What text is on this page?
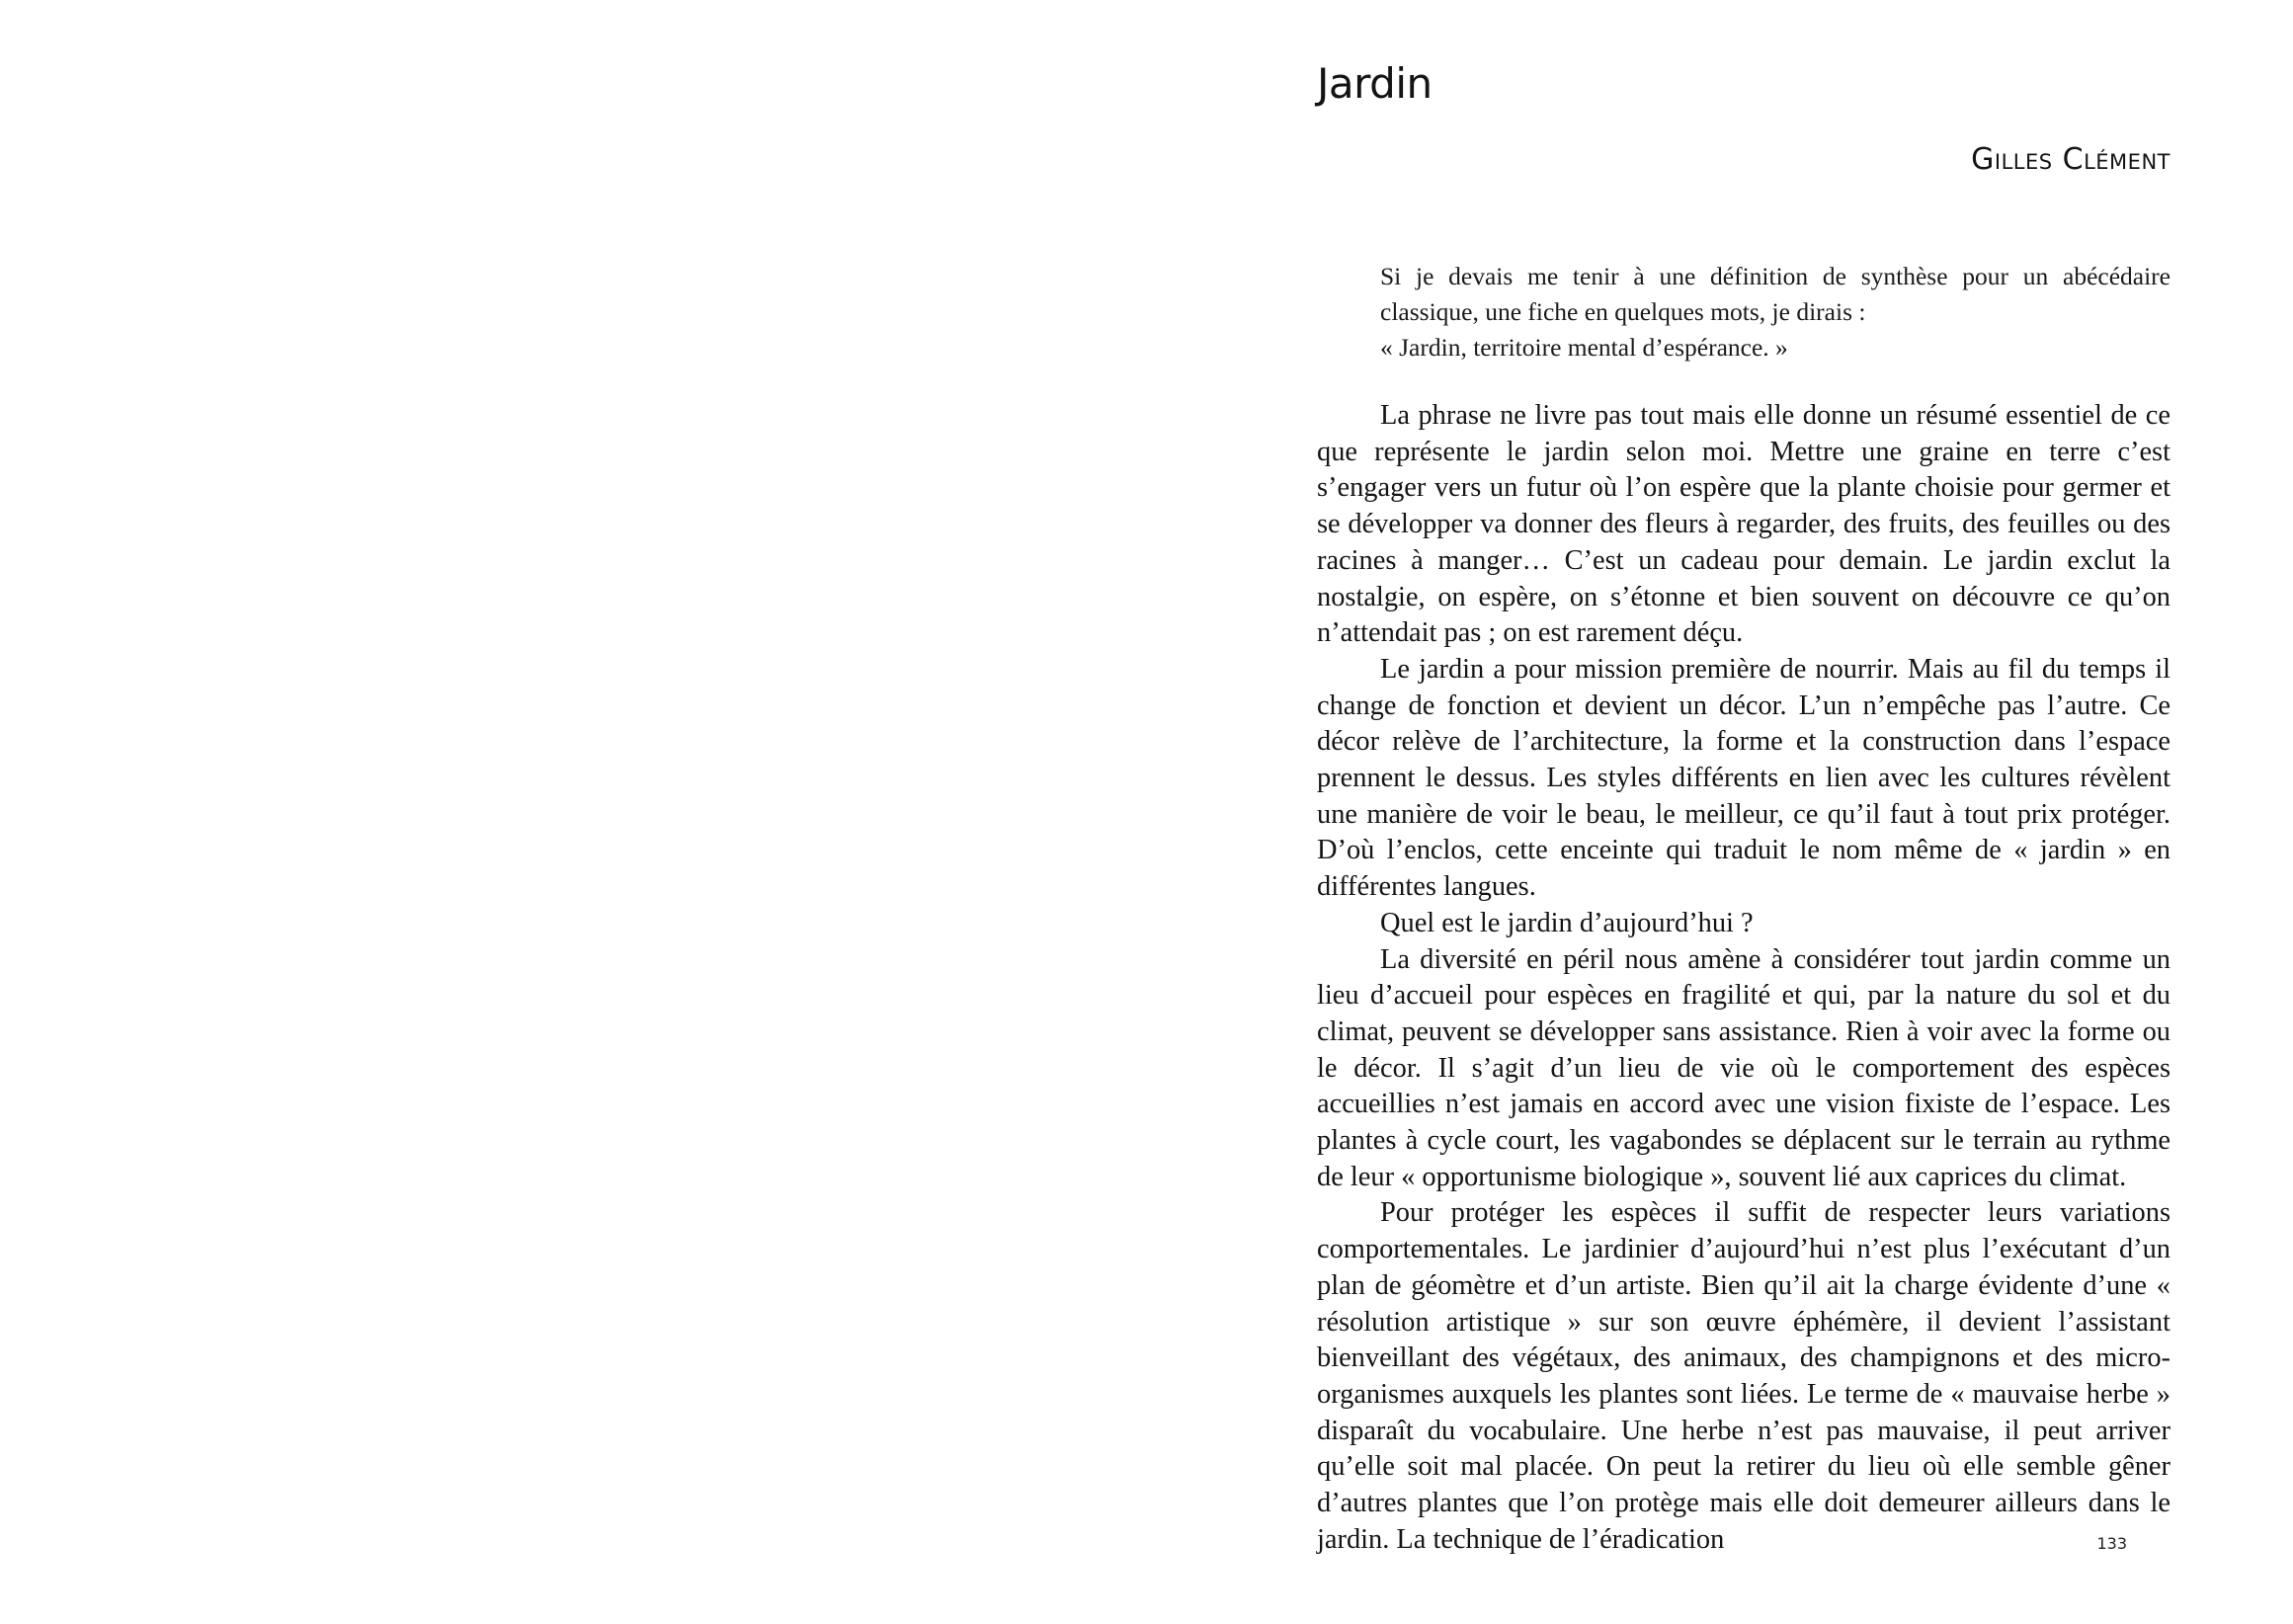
Jardin

Gilles Clément

Si je devais me tenir à une définition de synthèse pour un abécédaire classique, une fiche en quelques mots, je dirais :

« Jardin, territoire mental d’espérance. »

La phrase ne livre pas tout mais elle donne un résumé essentiel de ce que représente le jardin selon moi. Mettre une graine en terre c’est s’engager vers un futur où l’on espère que la plante choisie pour germer et se développer va donner des fleurs à regarder, des fruits, des feuilles ou des racines à manger… C’est un cadeau pour demain. Le jardin exclut la nostalgie, on espère, on s’étonne et bien souvent on découvre ce qu’on n’attendait pas ; on est rarement déçu.

Le jardin a pour mission première de nourrir. Mais au fil du temps il change de fonction et devient un décor. L’un n’empêche pas l’autre. Ce décor relève de l’architecture, la forme et la construction dans l’espace prennent le dessus. Les styles différents en lien avec les cultures révèlent une manière de voir le beau, le meilleur, ce qu’il faut à tout prix protéger. D’où l’enclos, cette enceinte qui traduit le nom même de « jardin » en différentes langues.

Quel est le jardin d’aujourd’hui ?

La diversité en péril nous amène à considérer tout jardin comme un lieu d’accueil pour espèces en fragilité et qui, par la nature du sol et du climat, peuvent se développer sans assistance. Rien à voir avec la forme ou le décor. Il s’agit d’un lieu de vie où le comportement des espèces accueillies n’est jamais en accord avec une vision fixiste de l’espace. Les plantes à cycle court, les vagabondes se déplacent sur le terrain au rythme de leur « opportunisme biologique », souvent lié aux caprices du climat.

Pour protéger les espèces il suffit de respecter leurs variations comportementales. Le jardinier d’aujourd’hui n’est plus l’exécutant d’un plan de géomètre et d’un artiste. Bien qu’il ait la charge évidente d’une « résolution artistique » sur son œuvre éphémère, il devient l’assistant bienveillant des végétaux, des animaux, des champignons et des micro-organismes auxquels les plantes sont liées. Le terme de « mauvaise herbe » disparaît du vocabulaire. Une herbe n’est pas mauvaise, il peut arriver qu’elle soit mal placée. On peut la retirer du lieu où elle semble gêner d’autres plantes que l’on protège mais elle doit demeurer ailleurs dans le jardin. La technique de l’éradication	133
